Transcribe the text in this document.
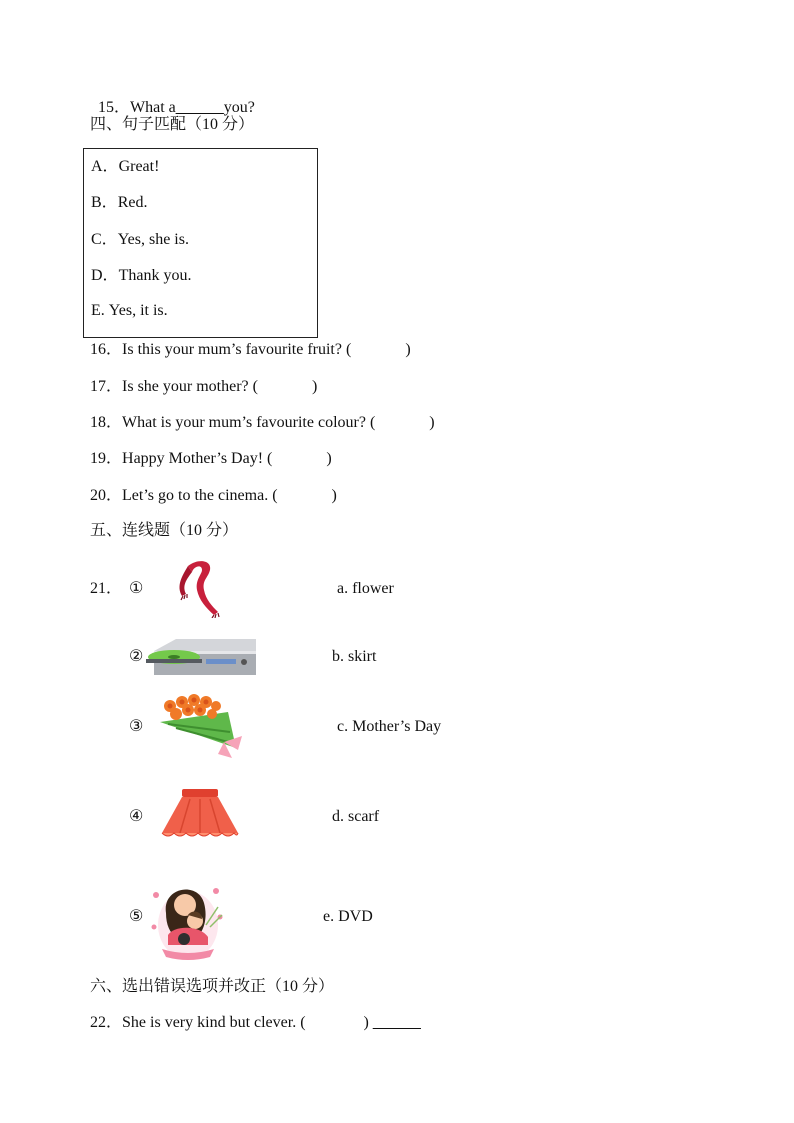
15．What a______you?

四、句子匹配（10 分）
A．Great!
B．Red.
C．Yes, she is.
D．Thank you.
E. Yes, it is.
16．Is this your mum’s favourite fruit? (	)
17．Is she your mother? (	)
18．What is your mum’s favourite colour? (	)
19．Happy Mother’s Day! (	)
20．Let’s go to the cinema. (	)
五、连线题（10 分）
21． ①	a. flower
②	b. skirt
③	c. Mother’s Day
④	d. scarf
⑤	e. DVD
六、选出错误选项并改正（10 分）
22．She is very kind but clever. (	) ______
